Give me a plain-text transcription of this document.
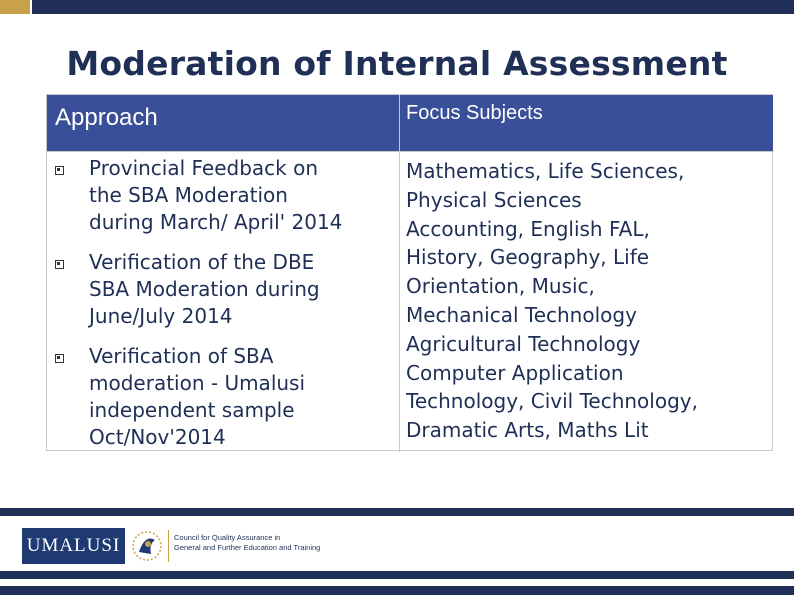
Moderation of Internal Assessment
Approach	Focus Subjects
Provincial Feedback on
the SBA Moderation
during March/ April' 2014
Verification of the DBE
SBA Moderation during
June/July 2014
Verification of SBA
moderation - Umalusi
independent sample
Oct/Nov'2014
Mathematics, Life Sciences,
Physical Sciences
Accounting, English FAL,
History, Geography, Life
Orientation, Music,
Mechanical Technology
Agricultural Technology
Computer Application
Technology, Civil Technology,
Dramatic Arts, Maths Lit
UMALUSI	Council for Quality Assurance in
General and Further Education and Training
